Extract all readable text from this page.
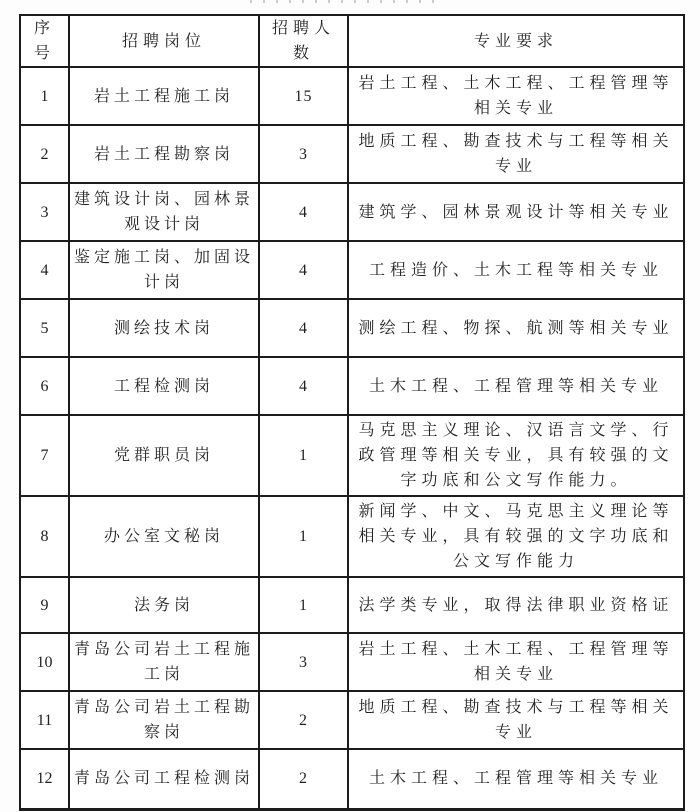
序号	招聘岗位	招聘人数	专业要求
1	岩土工程施工岗	15	岩土工程、土木工程、工程管理等相关专业
2	岩土工程勘察岗	3	地质工程、勘查技术与工程等相关专业
3	建筑设计岗、园林景观设计岗	4	建筑学、园林景观设计等相关专业
4	鉴定施工岗、加固设计岗	4	工程造价、土木工程等相关专业
5	测绘技术岗	4	测绘工程、物探、航测等相关专业
6	工程检测岗	4	土木工程、工程管理等相关专业
7	党群职员岗	1	马克思主义理论、汉语言文学、行政管理等相关专业，具有较强的文字功底和公文写作能力。
8	办公室文秘岗	1	新闻学、中文、马克思主义理论等相关专业，具有较强的文字功底和公文写作能力
9	法务岗	1	法学类专业，取得法律职业资格证
10	青岛公司岩土工程施工岗	3	岩土工程、土木工程、工程管理等相关专业
11	青岛公司岩土工程勘察岗	2	地质工程、勘查技术与工程等相关专业
12	青岛公司工程检测岗	2	土木工程、工程管理等相关专业
